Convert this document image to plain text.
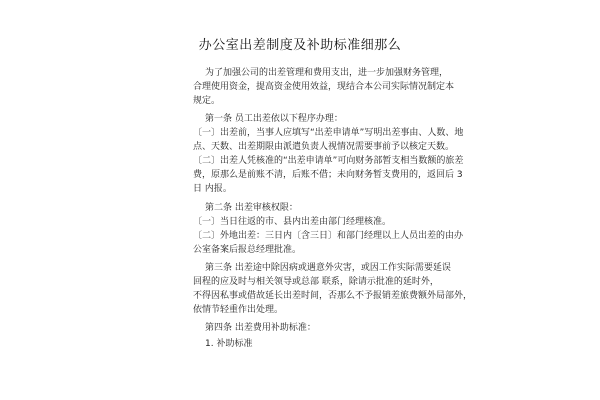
办公室出差制度及补助标准细那么
为了加强公司的出差管理和费用支出，进一步加强财务管理，
合理使用资金，提高资金使用效益，现结合本公司实际情况制定本
规定。
第一条 员工出差依以下程序办理：
〔一〕出差前，当事人应填写“出差申请单”写明出差事由、人数、地
点、天数、出差期限由派遣负责人视情况需要事前予以核定天数。
〔二〕出差人凭核准的“出差申请单”可向财务部暂支相当数额的旅差
费，原那么是前账不清，后账不借；未向财务暂支费用的，返回后 3
日 内报。
第二条 出差审核权限：
〔一〕当日往返的市、县内出差由部门经理核准。
〔二〕外地出差：三日内〔含三日〕和部门经理以上人员出差的由办
公室备案后报总经理批准。
第三条 出差途中除因病或遇意外灾害，或因工作实际需要延误
回程的应及时与相关领导或总部 联系，除请示批准的延时外，
不得因私事或借故延长出差时间，否那么不予报销差旅费额外局部外，
依情节轻重作出处理。
第四条 出差费用补助标准：
1. 补助标准
